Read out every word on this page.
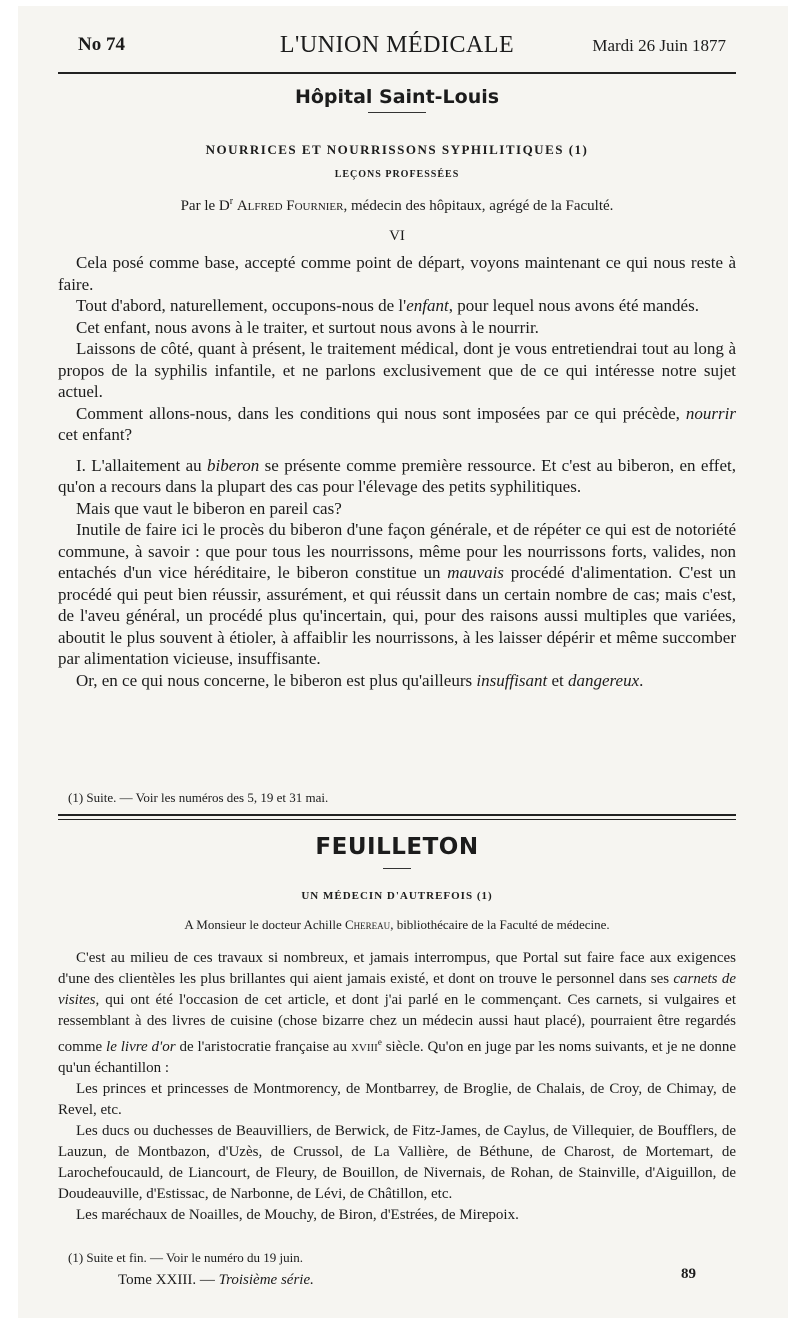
No 74	L'UNION MÉDICALE	Mardi 26 Juin 1877
Hôpital Saint-Louis
NOURRICES ET NOURRISSONS SYPHILITIQUES (1)
LEÇONS PROFESSÉES
Par le $D^r$ Alfred Fournier, médecin des hôpitaux, agrégé de la Faculté.
VI

Cela posé comme base, accepté comme point de départ, voyons maintenant ce qui nous reste à faire.

Tout d'abord, naturellement, occupons-nous de l'enfant, pour lequel nous avons été mandés.

Cet enfant, nous avons à le traiter, et surtout nous avons à le nourrir.

Laissons de côté, quant à présent, le traitement médical, dont je vous entretiendrai tout au long à propos de la syphilis infantile, et ne parlons exclusivement que de ce qui intéresse notre sujet actuel.

Comment allons-nous, dans les conditions qui nous sont imposées par ce qui précède, nourrir cet enfant?

I. L'allaitement au biberon se présente comme première ressource. Et c'est au biberon, en effet, qu'on a recours dans la plupart des cas pour l'élevage des petits syphilitiques.

Mais que vaut le biberon en pareil cas?

Inutile de faire ici le procès du biberon d'une façon générale, et de répéter ce qui est de notoriété commune, à savoir : que pour tous les nourrissons, même pour les nourrissons forts, valides, non entachés d'un vice héréditaire, le biberon constitue un mauvais procédé d'alimentation. C'est un procédé qui peut bien réussir, assurément, et qui réussit dans un certain nombre de cas; mais c'est, de l'aveu général, un procédé plus qu'incertain, qui, pour des raisons aussi multiples que variées, aboutit le plus souvent à étioler, à affaiblir les nourrissons, à les laisser dépérir et même succomber par alimentation vicieuse, insuffisante.

Or, en ce qui nous concerne, le biberon est plus qu'ailleurs insuffisant et dangereux.

(1) Suite. — Voir les numéros des 5, 19 et 31 mai.
FEUILLETON
UN MÉDECIN D'AUTREFOIS (1)
A Monsieur le docteur Achille Chereau, bibliothécaire de la Faculté de médecine.

C'est au milieu de ces travaux si nombreux, et jamais interrompus, que Portal sut faire face aux exigences d'une des clientèles les plus brillantes qui aient jamais existé, et dont on trouve le personnel dans ses carnets de visites, qui ont été l'occasion de cet article, et dont j'ai parlé en le commençant. Ces carnets, si vulgaires et ressemblant à des livres de cuisine (chose bizarre chez un médecin aussi haut placé), pourraient être regardés comme le livre d'or de l'aristocratie française au xviii$^e$ siècle. Qu'on en juge par les noms suivants, et je ne donne qu'un échantillon :

Les princes et princesses de Montmorency, de Montbarrey, de Broglie, de Chalais, de Croy, de Chimay, de Revel, etc.

Les ducs ou duchesses de Beauvilliers, de Berwick, de Fitz-James, de Caylus, de Villequier, de Boufflers, de Lauzun, de Montbazon, d'Uzès, de Crussol, de La Vallière, de Béthune, de Charost, de Mortemart, de Larochefoucauld, de Liancourt, de Fleury, de Bouillon, de Nivernais, de Rohan, de Stainville, d'Aiguillon, de Doudeauville, d'Estissac, de Narbonne, de Lévi, de Châtillon, etc.

Les maréchaux de Noailles, de Mouchy, de Biron, d'Estrées, de Mirepoix.

(1) Suite et fin. — Voir le numéro du 19 juin.
Tome XXIII. — Troisième série.	89
